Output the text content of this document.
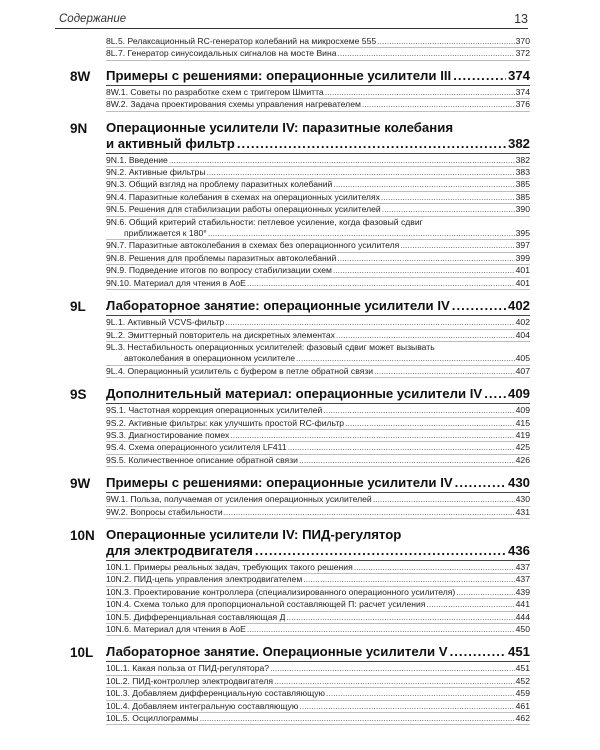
Содержание	13
8L.5. Релаксационный RC-генератор колебаний на микросхеме 555 .....	370
8L.7. Генератор синусоидальных сигналов на мосте Вина .....	372
8W	Примеры с решениями: операционные усилители III .....	374
8W.1. Советы по разработке схем с триггером Шмитта .....	374
8W.2. Задача проектирования схемы управления нагревателем .....	376
9N	Операционные усилители IV: паразитные колебания
и активный фильтр .....	382
9N.1. Введение .....	382
9N.2. Активные фильтры .....	383
9N.3. Общий взгляд на проблему паразитных колебаний .....	385
9N.4. Паразитные колебания в схемах на операционных усилителях .....	385
9N.5. Решения для стабилизации работы операционных усилителей .....	390
9N.6. Общий критерий стабильности: петлевое усиление, когда фазовый сдвиг
приближается к 180° .....	395
9N.7. Паразитные автоколебания в схемах без операционного усилителя .....	397
9N.8. Решения для проблемы паразитных автоколебаний .....	399
9N.9. Подведение итогов по вопросу стабилизации схем .....	401
9N.10. Материал для чтения в AoE .....	401
9L	Лабораторное занятие: операционные усилители IV .....	402
9L.1. Активный VCVS-фильтр .....	402
9L.2. Эмиттерный повторитель на дискретных элементах .....	404
9L.3. Нестабильность операционных усилителей: фазовый сдвиг может вызывать
автоколебания в операционном усилителе .....	405
9L.4. Операционный усилитель с буфером в петле обратной связи .....	407
9S	Дополнительный материал: операционные усилители IV ..... 409
9S.1. Частотная коррекция операционных усилителей .....	409
9S.2. Активные фильтры: как улучшить простой RC-фильтр .....	415
9S.3. Диагностирование помех .....	419
9S.4. Схема операционного усилителя LF411 .....	425
9S.5. Количественное описание обратной связи .....	426
9W	Примеры с решениями: операционные усилители IV .....	430
9W.1. Польза, получаемая от усиления операционных усилителей .....	430
9W.2. Вопросы стабильности .....	431
10N Операционные усилители IV: ПИД-регулятор
для электродвигателя .....	436
10N.1. Примеры реальных задач, требующих такого решения .....	437
10N.2. ПИД-цепь управления электродвигателем .....	437
10N.3. Проектирование контроллера (специализированного операционного усилителя) .....	439
10N.4. Схема только для пропорциональной составляющей П: расчет усиления .....	441
10N.5. Дифференциальная составляющая Д .....	444
10N.6. Материал для чтения в AoE .....	450
10L Лабораторное занятие. Операционные усилители V .....	451
10L.1. Какая польза от ПИД-регулятора? .....	451
10L.2. ПИД-контроллер электродвигателя .....	452
10L.3. Добавляем дифференциальную составляющую .....	459
10L.4. Добавляем интегральную составляющую .....	461
10L.5. Осциллограммы .....	462
